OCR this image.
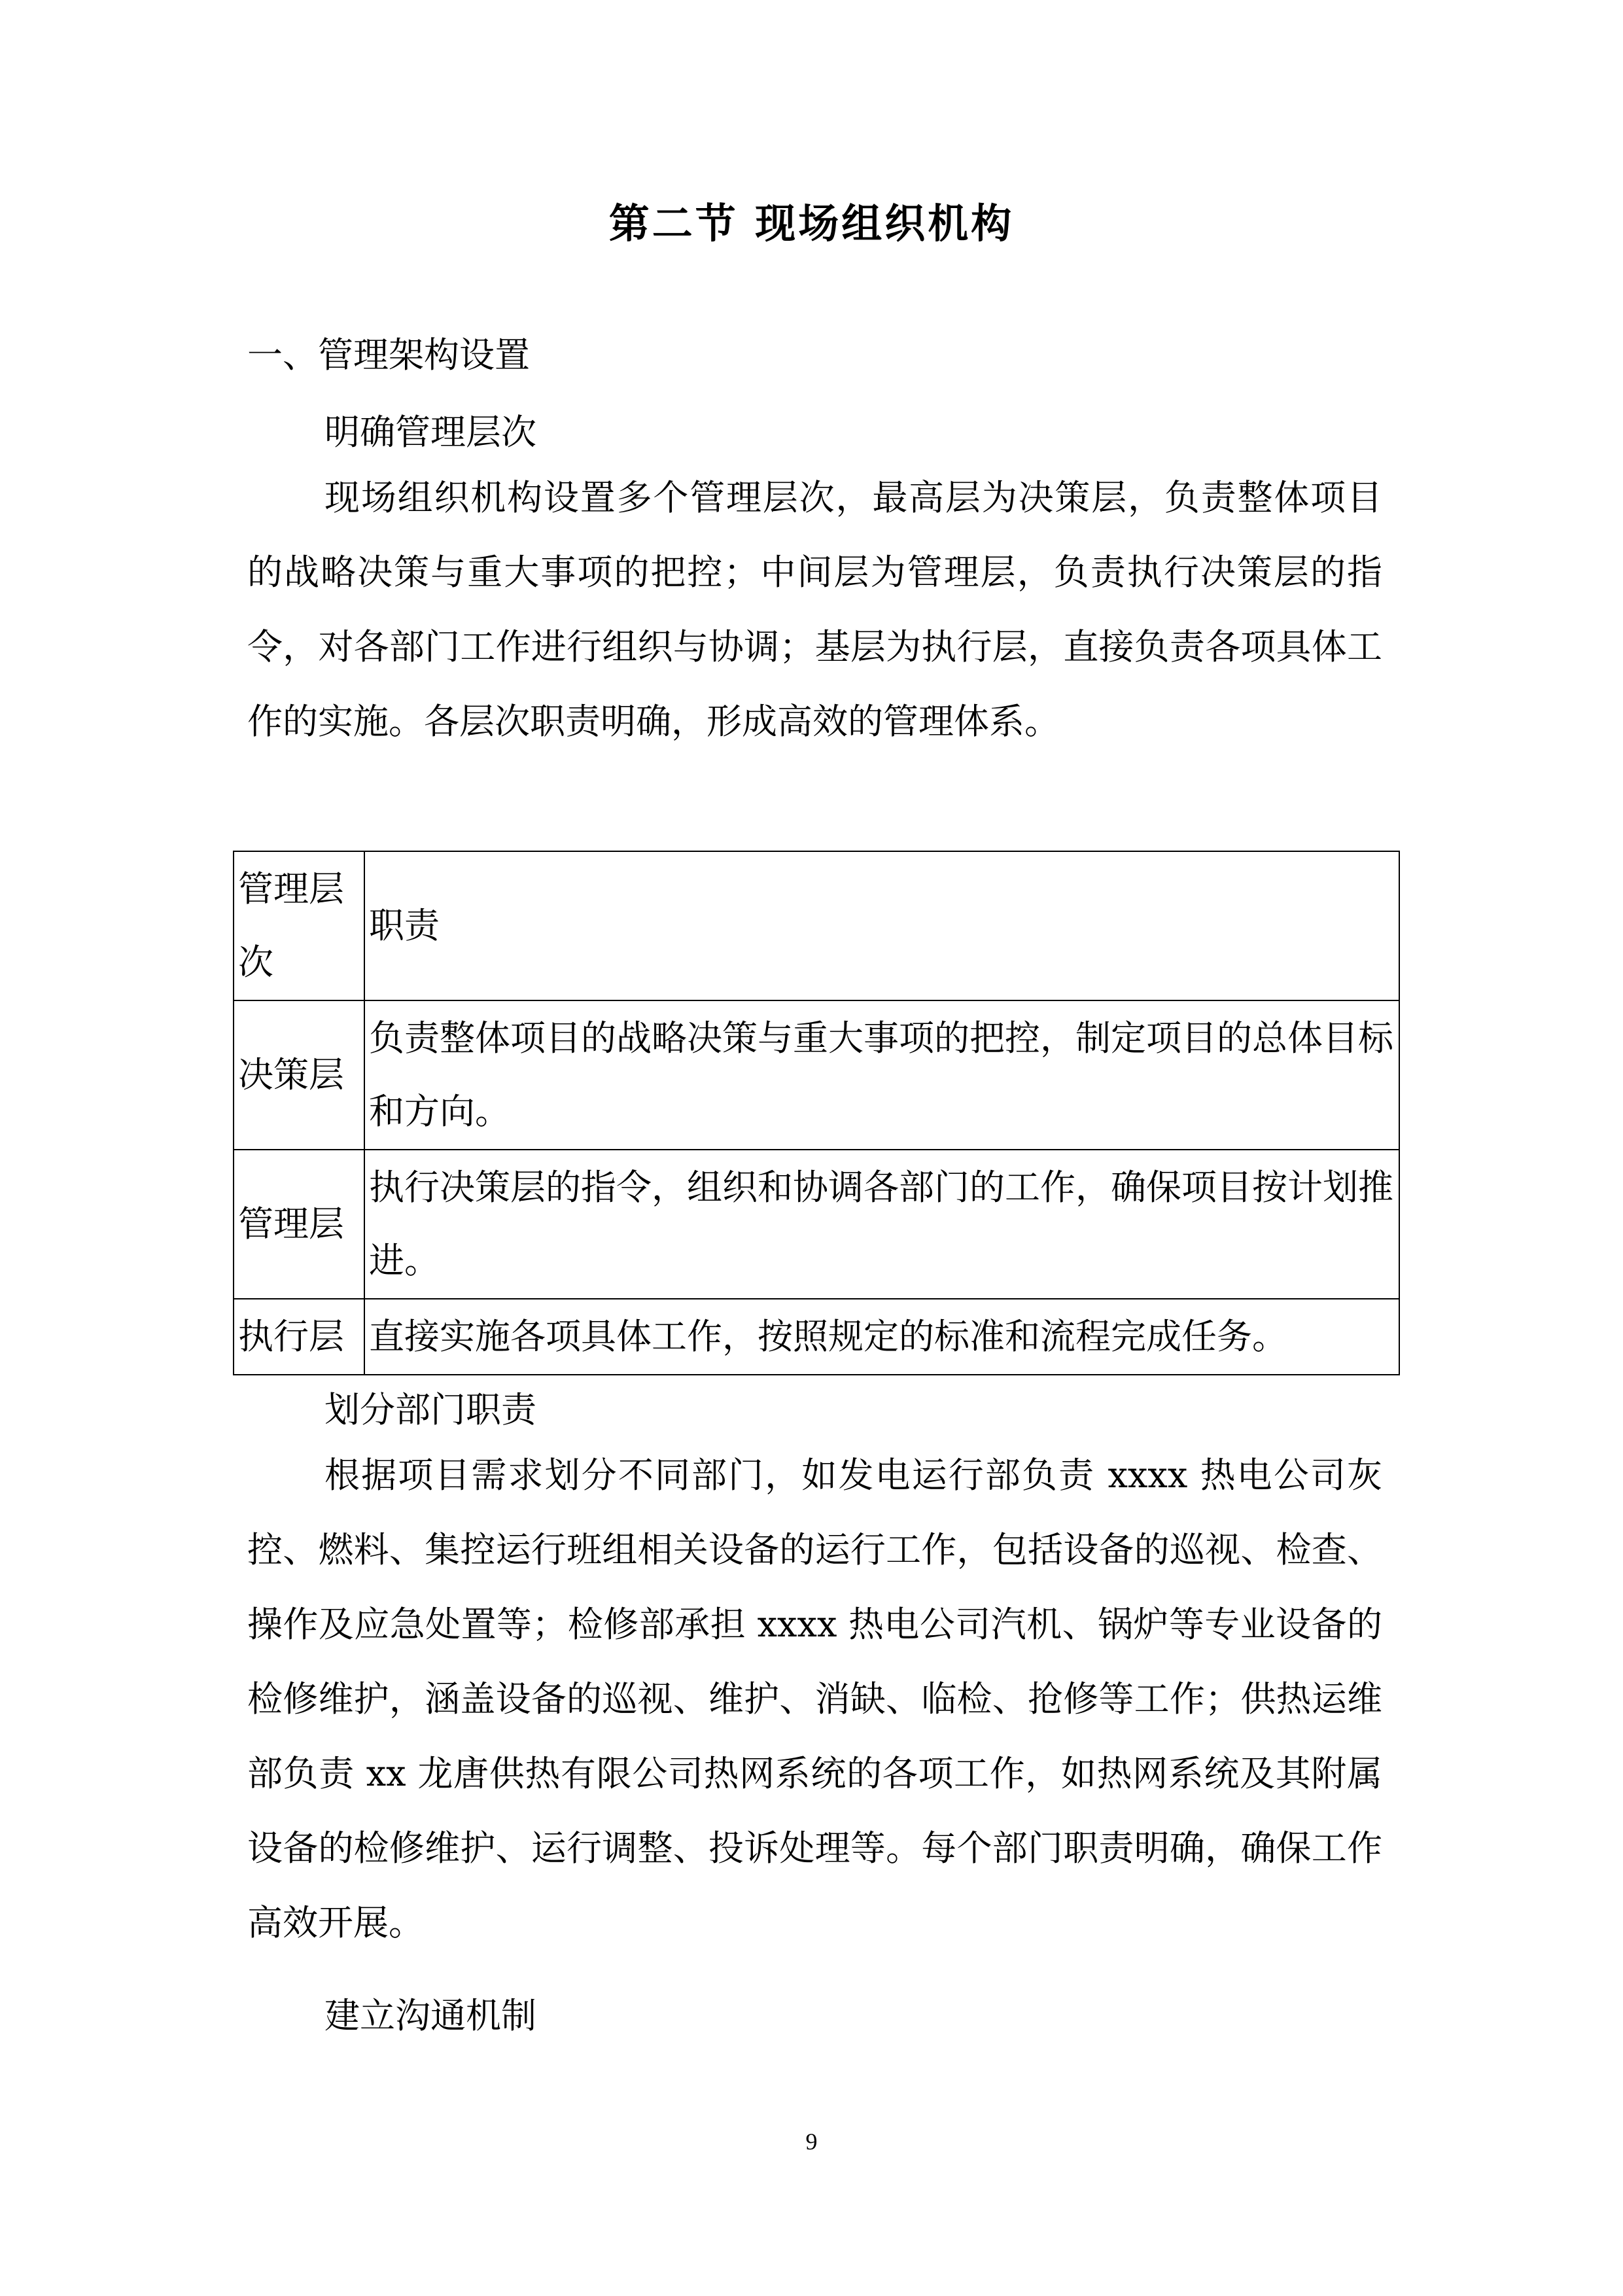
第二节 现场组织机构
一、管理架构设置
明确管理层次

现场组织机构设置多个管理层次，最高层为决策层，负责整体项目的战略决策与重大事项的把控；中间层为管理层，负责执行决策层的指令，对各部门工作进行组织与协调；基层为执行层，直接负责各项具体工作的实施。各层次职责明确，形成高效的管理体系。

管理层次	职责
决策层	负责整体项目的战略决策与重大事项的把控，制定项目的总体目标和方向。
管理层	执行决策层的指令，组织和协调各部门的工作，确保项目按计划推进。
执行层	直接实施各项具体工作，按照规定的标准和流程完成任务。
划分部门职责

根据项目需求划分不同部门，如发电运行部负责 xxxx 热电公司灰控、燃料、集控运行班组相关设备的运行工作，包括设备的巡视、检查、操作及应急处置等；检修部承担 xxxx 热电公司汽机、锅炉等专业设备的检修维护，涵盖设备的巡视、维护、消缺、临检、抢修等工作；供热运维部负责 xx 龙唐供热有限公司热网系统的各项工作，如热网系统及其附属设备的检修维护、运行调整、投诉处理等。每个部门职责明确，确保工作高效开展。

建立沟通机制
9
